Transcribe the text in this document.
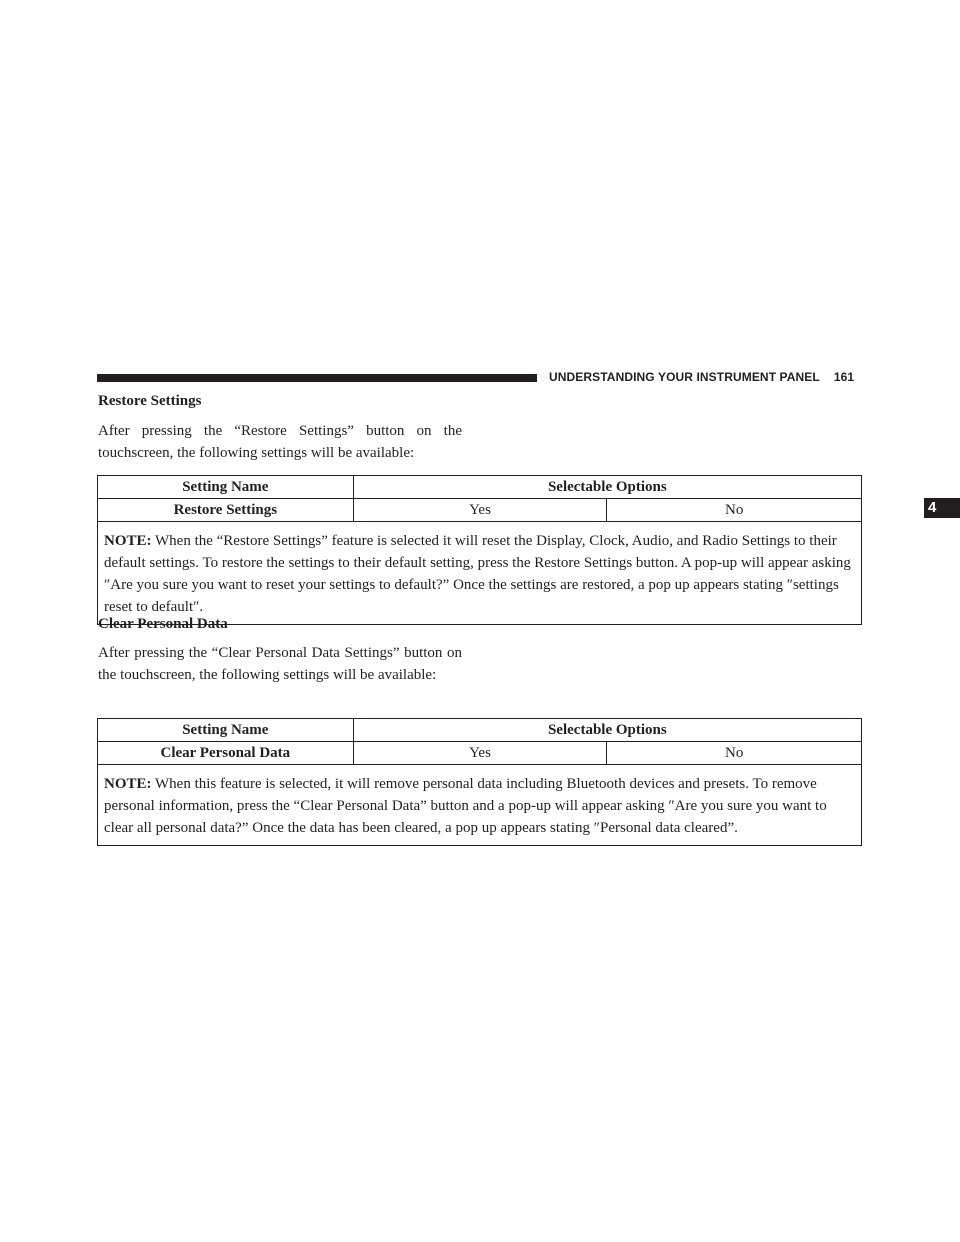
UNDERSTANDING YOUR INSTRUMENT PANEL 161
4
Restore Settings
After pressing the “Restore Settings” button on the touchscreen, the following settings will be available:
Setting Name	Selectable Options	
Restore Settings	Yes	No
NOTE: When the “Restore Settings” feature is selected it will reset the Display, Clock, Audio, and Radio Settings to their default settings. To restore the settings to their default setting, press the Restore Settings button. A pop-up will appear asking ″Are you sure you want to reset your settings to default?” Once the settings are restored, a pop up appears stating ″settings reset to default″.		
Clear Personal Data
After pressing the “Clear Personal Data Settings” button on the touchscreen, the following settings will be available:
Setting Name	Selectable Options	
Clear Personal Data	Yes	No
NOTE: When this feature is selected, it will remove personal data including Bluetooth devices and presets. To remove personal information, press the “Clear Personal Data” button and a pop-up will appear asking ″Are you sure you want to clear all personal data?” Once the data has been cleared, a pop up appears stating ″Personal data cleared”.		
